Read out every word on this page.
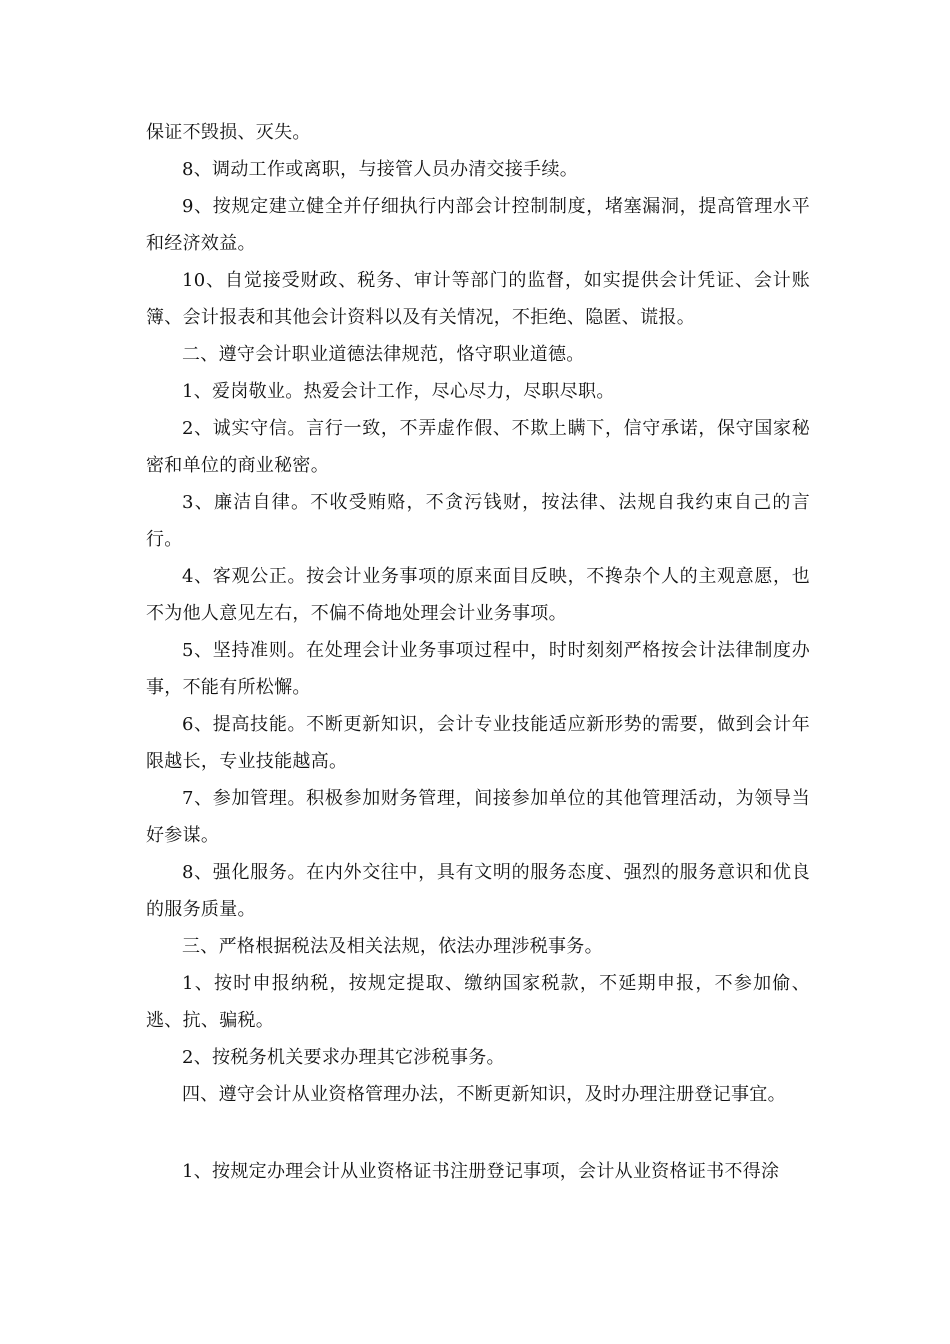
保证不毁损、灭失。

8、调动工作或离职，与接管人员办清交接手续。

9、按规定建立健全并仔细执行内部会计控制制度，堵塞漏洞，提高管理水平和经济效益。

10、自觉接受财政、税务、审计等部门的监督，如实提供会计凭证、会计账簿、会计报表和其他会计资料以及有关情况，不拒绝、隐匿、谎报。

二、遵守会计职业道德法律规范，恪守职业道德。

1、爱岗敬业。热爱会计工作，尽心尽力，尽职尽职。

2、诚实守信。言行一致，不弄虚作假、不欺上瞒下，信守承诺，保守国家秘密和单位的商业秘密。

3、廉洁自律。不收受贿赂，不贪污钱财，按法律、法规自我约束自己的言行。

4、客观公正。按会计业务事项的原来面目反映，不搀杂个人的主观意愿，也不为他人意见左右，不偏不倚地处理会计业务事项。

5、坚持准则。在处理会计业务事项过程中，时时刻刻严格按会计法律制度办事，不能有所松懈。

6、提高技能。不断更新知识，会计专业技能适应新形势的需要，做到会计年限越长，专业技能越高。

7、参加管理。积极参加财务管理，间接参加单位的其他管理活动，为领导当好参谋。

8、强化服务。在内外交往中，具有文明的服务态度、强烈的服务意识和优良的服务质量。

三、严格根据税法及相关法规，依法办理涉税事务。

1、按时申报纳税，按规定提取、缴纳国家税款，不延期申报，不参加偷、逃、抗、骗税。

2、按税务机关要求办理其它涉税事务。

四、遵守会计从业资格管理办法，不断更新知识，及时办理注册登记事宜。

1、按规定办理会计从业资格证书注册登记事项，会计从业资格证书不得涂
